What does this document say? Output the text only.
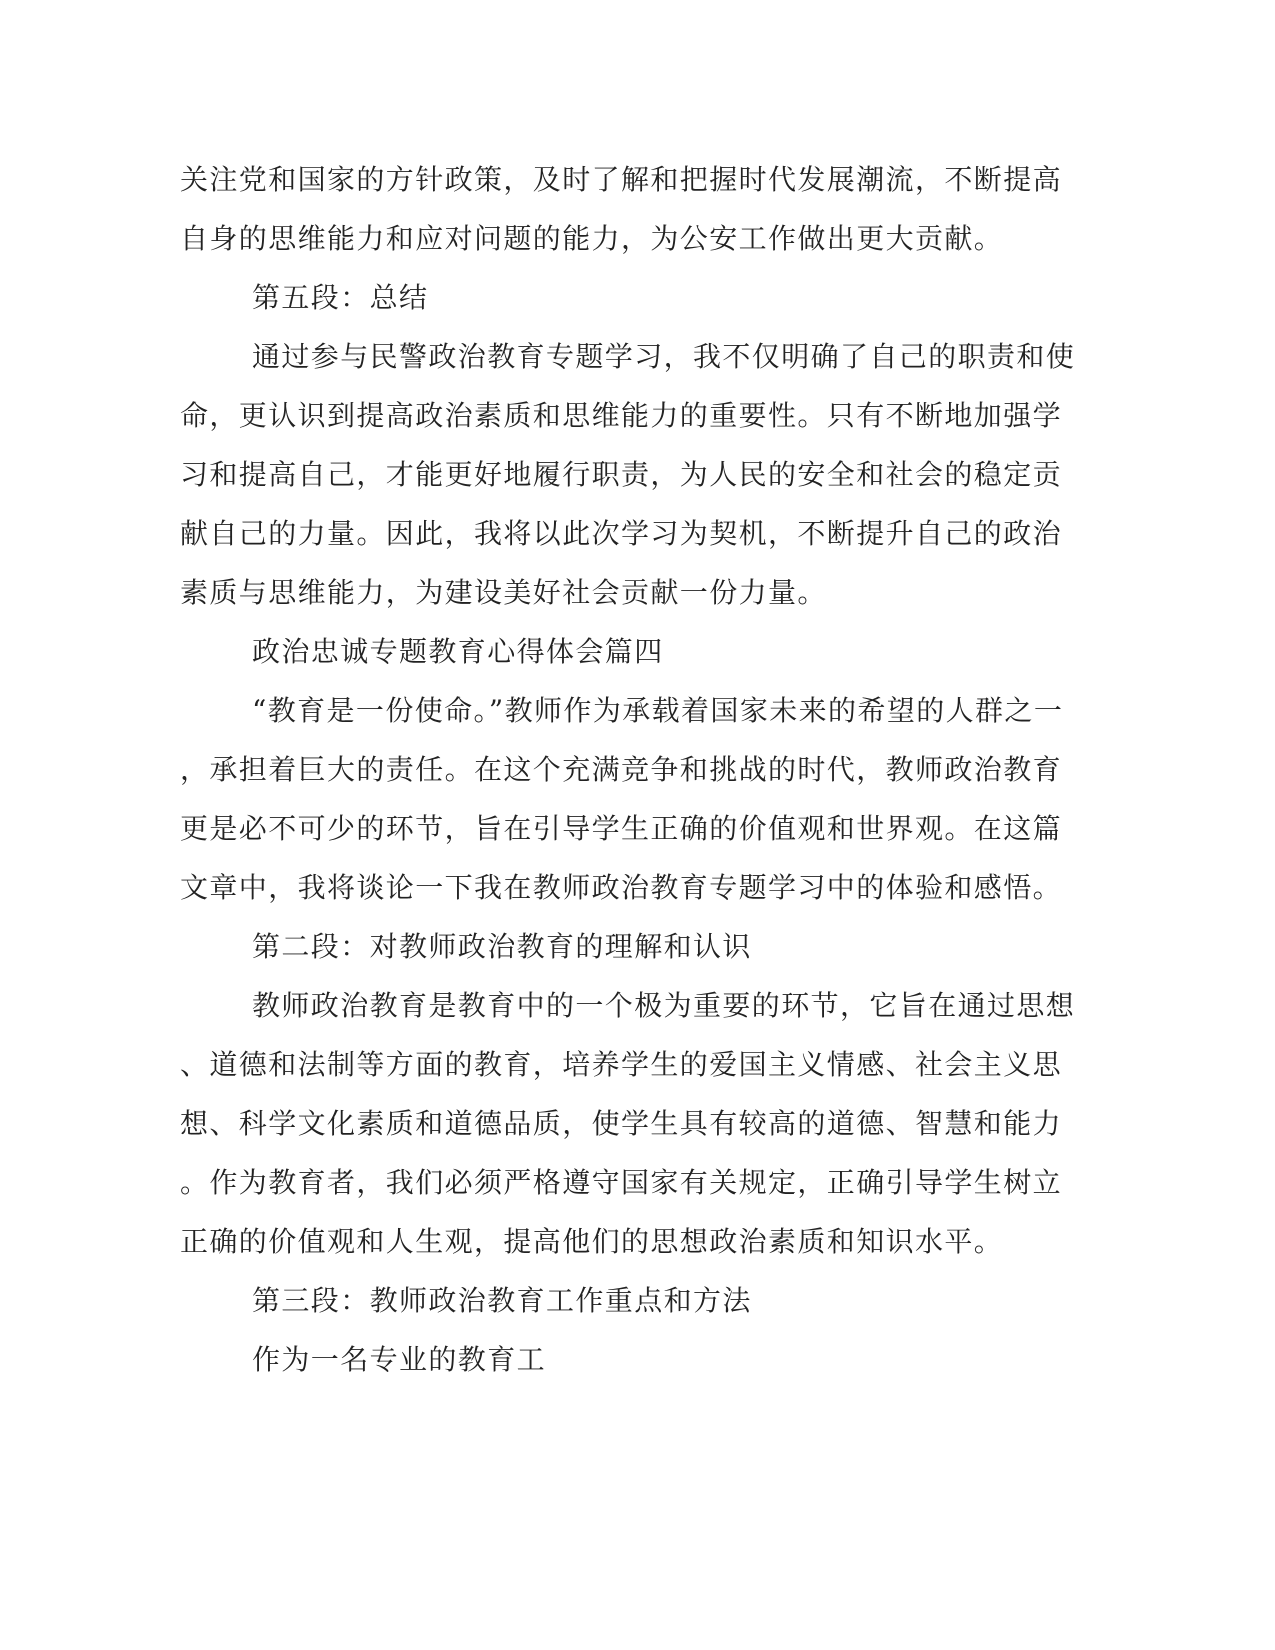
关注党和国家的方针政策，及时了解和把握时代发展潮流，不断提高
自身的思维能力和应对问题的能力，为公安工作做出更大贡献。
第五段：总结
通过参与民警政治教育专题学习，我不仅明确了自己的职责和使
命，更认识到提高政治素质和思维能力的重要性。只有不断地加强学
习和提高自己，才能更好地履行职责，为人民的安全和社会的稳定贡
献自己的力量。因此，我将以此次学习为契机，不断提升自己的政治
素质与思维能力，为建设美好社会贡献一份力量。
政治忠诚专题教育心得体会篇四
“教育是一份使命。”教师作为承载着国家未来的希望的人群之一
，承担着巨大的责任。在这个充满竞争和挑战的时代，教师政治教育
更是必不可少的环节，旨在引导学生正确的价值观和世界观。在这篇
文章中，我将谈论一下我在教师政治教育专题学习中的体验和感悟。
第二段：对教师政治教育的理解和认识
教师政治教育是教育中的一个极为重要的环节，它旨在通过思想
、道德和法制等方面的教育，培养学生的爱国主义情感、社会主义思
想、科学文化素质和道德品质，使学生具有较高的道德、智慧和能力
。作为教育者，我们必须严格遵守国家有关规定，正确引导学生树立
正确的价值观和人生观，提高他们的思想政治素质和知识水平。
第三段：教师政治教育工作重点和方法
作为一名专业的教育工
